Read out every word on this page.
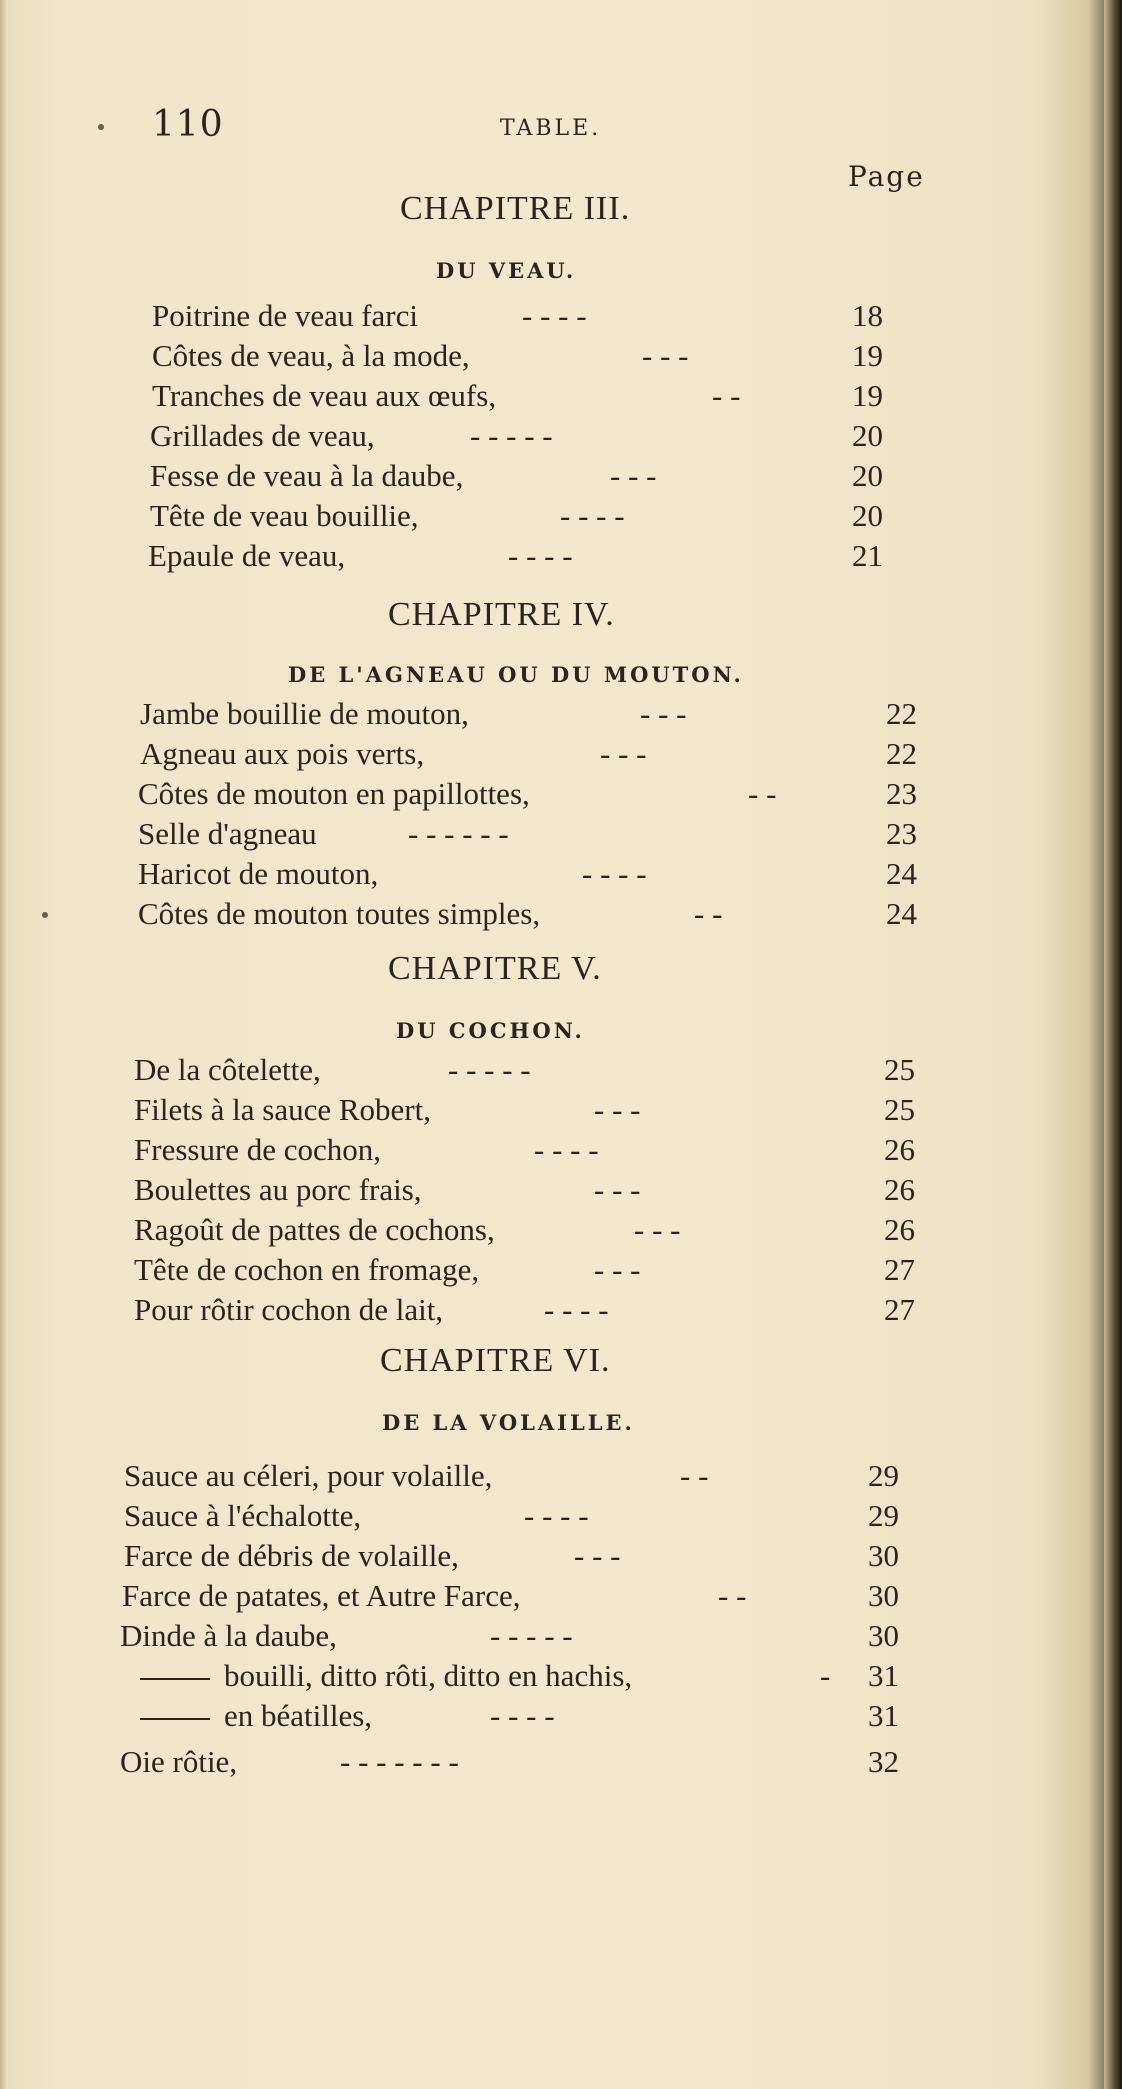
110	TABLE.
Page
CHAPITRE III.
DU VEAU.
Poitrine de veau farci	- - - -	18
Côtes de veau, à la mode,	- - -	19
Tranches de veau aux œufs,	- -	19
Grillades de veau,	- - - - -	20
Fesse de veau à la daube,	- - -	20
Tête de veau bouillie,	- - - -	20
Epaule de veau,	- - - -	21
CHAPITRE IV.
DE L'AGNEAU OU DU MOUTON.
Jambe bouillie de mouton,	- - -	22
Agneau aux pois verts,	- - -	22
Côtes de mouton en papillottes,	- -	23
Selle d'agneau	- - - - - -	23
Haricot de mouton,	- - - -	24
Côtes de mouton toutes simples,	- -	24
CHAPITRE V.
DU COCHON.
De la côtelette,	- - - - -	25
Filets à la sauce Robert,	- - -	25
Fressure de cochon,	- - - -	26
Boulettes au porc frais,	- - -	26
Ragoût de pattes de cochons,	- - -	26
Tête de cochon en fromage,	- - -	27
Pour rôtir cochon de lait,	- - - -	27
CHAPITRE VI.
DE LA VOLAILLE.
Sauce au céleri, pour volaille,	- -	29
Sauce à l'échalotte,	- - - -	29
Farce de débris de volaille,	- - -	30
Farce de patates, et Autre Farce,	- -	30
Dinde à la daube,	- - - - -	30
bouilli, ditto rôti, ditto en hachis,	- 31
en béatilles,	- - - -	31
Oie rôtie,	- - - - - - -	32
